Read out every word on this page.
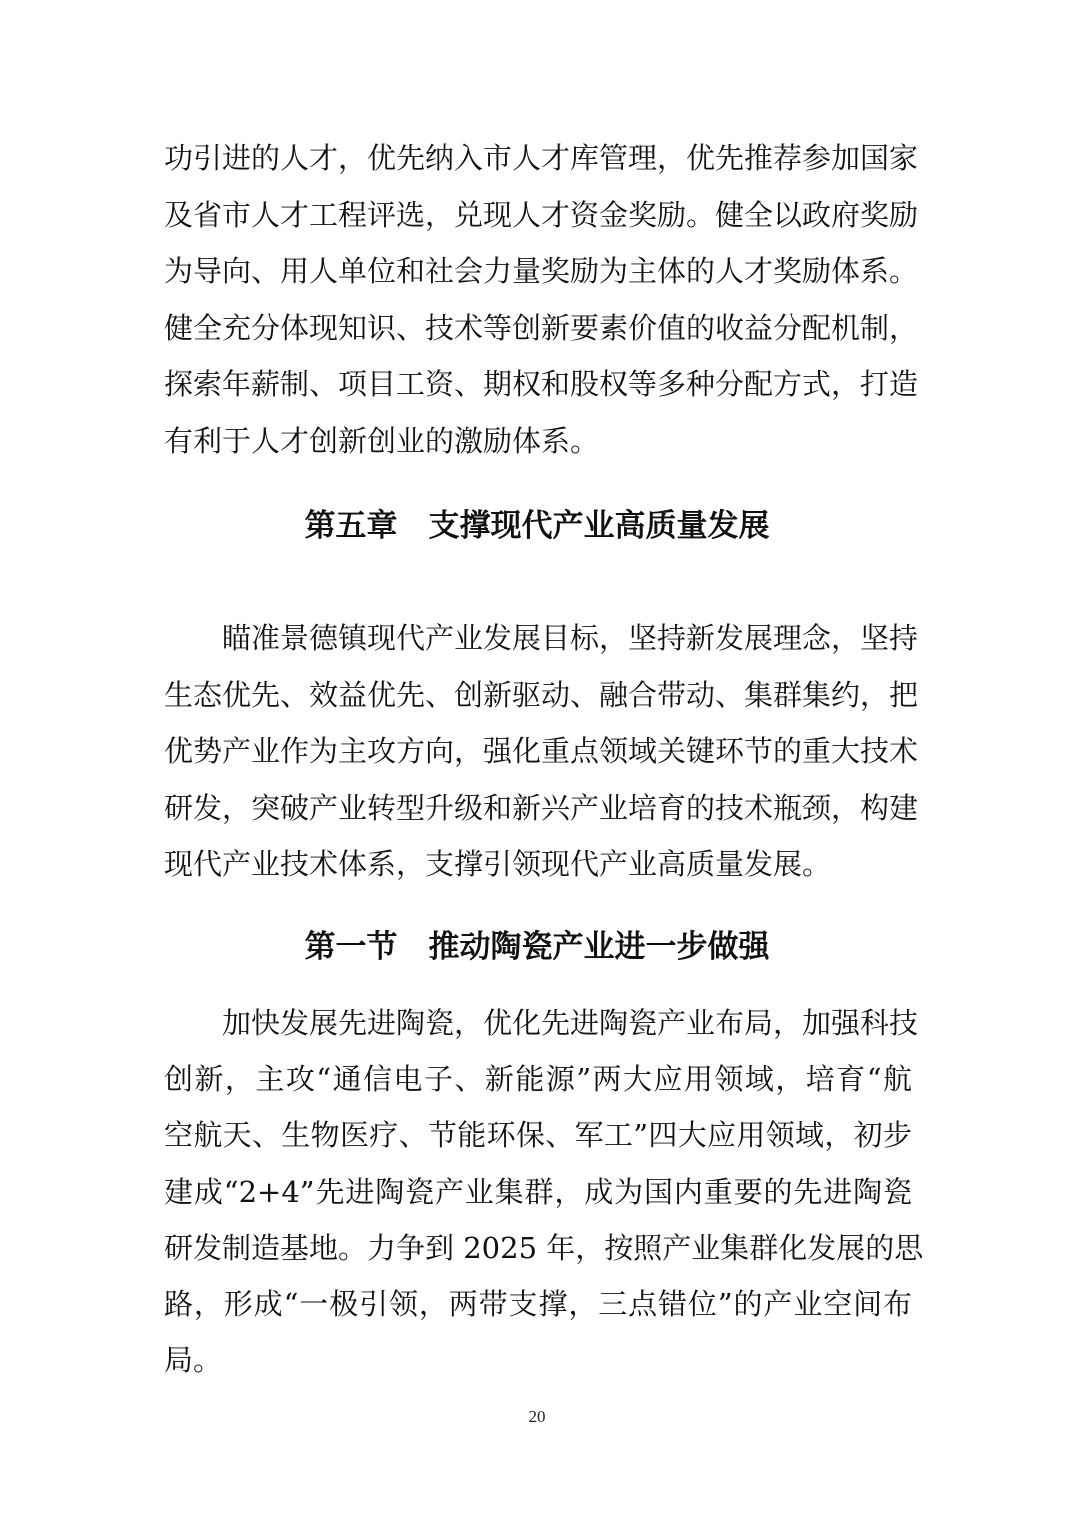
功引进的人才，优先纳入市人才库管理，优先推荐参加国家
及省市人才工程评选，兑现人才资金奖励。健全以政府奖励
为导向、用人单位和社会力量奖励为主体的人才奖励体系。
健全充分体现知识、技术等创新要素价值的收益分配机制，
探索年薪制、项目工资、期权和股权等多种分配方式，打造
有利于人才创新创业的激励体系。
第五章　支撑现代产业高质量发展
瞄准景德镇现代产业发展目标，坚持新发展理念，坚持
生态优先、效益优先、创新驱动、融合带动、集群集约，把
优势产业作为主攻方向，强化重点领域关键环节的重大技术
研发，突破产业转型升级和新兴产业培育的技术瓶颈，构建
现代产业技术体系，支撑引领现代产业高质量发展。
第一节　推动陶瓷产业进一步做强
加快发展先进陶瓷，优化先进陶瓷产业布局，加强科技
创新，主攻“通信电子、新能源”两大应用领域，培育“航
空航天、生物医疗、节能环保、军工”四大应用领域，初步
建成“2+4”先进陶瓷产业集群，成为国内重要的先进陶瓷
研发制造基地。力争到 2025 年，按照产业集群化发展的思
路，形成“一极引领，两带支撑，三点错位”的产业空间布
局。
20
